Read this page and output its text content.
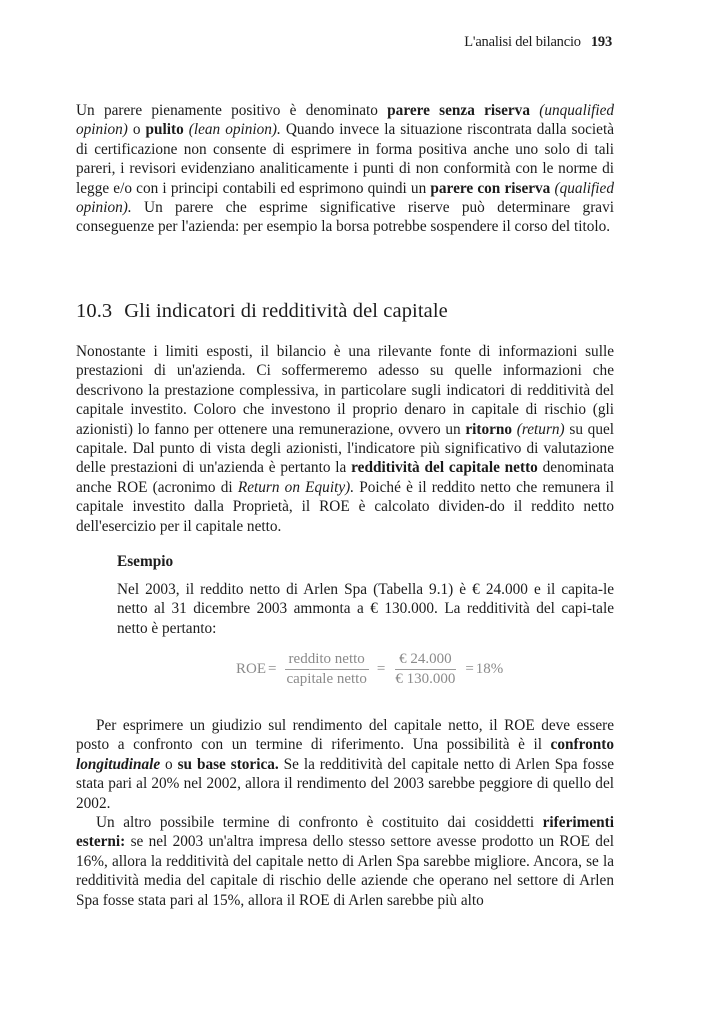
L'analisi del bilancio 193

Un parere pienamente positivo è denominato parere senza riserva (unqualified opinion) o pulito (lean opinion). Quando invece la situazione riscontrata dalla società di certificazione non consente di esprimere in forma positiva anche uno solo di tali pareri, i revisori evidenziano analiticamente i punti di non conformità con le norme di legge e/o con i principi contabili ed esprimono quindi un parere con riserva (qualified opinion). Un parere che esprime significative riserve può determinare gravi conseguenze per l'azienda: per esempio la borsa potrebbe sospendere il corso del titolo.

10.3 Gli indicatori di redditività del capitale

Nonostante i limiti esposti, il bilancio è una rilevante fonte di informazioni sulle prestazioni di un'azienda. Ci soffermeremo adesso su quelle informazioni che descrivono la prestazione complessiva, in particolare sugli indicatori di redditività del capitale investito. Coloro che investono il proprio denaro in capitale di rischio (gli azionisti) lo fanno per ottenere una remunerazione, ovvero un ritorno (return) su quel capitale. Dal punto di vista degli azionisti, l'indicatore più significativo di valutazione delle prestazioni di un'azienda è pertanto la redditività del capitale netto denominata anche ROE (acronimo di Return on Equity). Poiché è il reddito netto che remunera il capitale investito dalla Proprietà, il ROE è calcolato dividen-do il reddito netto dell'esercizio per il capitale netto.

Esempio

Nel 2003, il reddito netto di Arlen Spa (Tabella 9.1) è € 24.000 e il capita-le netto al 31 dicembre 2003 ammonta a € 130.000. La redditività del capi-tale netto è pertanto:

ROE = $\frac{\text{reddito netto}}{\text{capitale netto}} = \frac{€ 24.000}{€ 130.000} = 18\%$

Per esprimere un giudizio sul rendimento del capitale netto, il ROE deve essere posto a confronto con un termine di riferimento. Una possibilità è il confronto longitudinale o su base storica. Se la redditività del capitale netto di Arlen Spa fosse stata pari al 20% nel 2002, allora il rendimento del 2003 sarebbe peggiore di quello del 2002.

Un altro possibile termine di confronto è costituito dai cosiddetti riferimenti esterni: se nel 2003 un'altra impresa dello stesso settore avesse prodotto un ROE del 16%, allora la redditività del capitale netto di Arlen Spa sarebbe migliore. Ancora, se la redditività media del capitale di rischio delle aziende che operano nel settore di Arlen Spa fosse stata pari al 15%, allora il ROE di Arlen sarebbe più alto
